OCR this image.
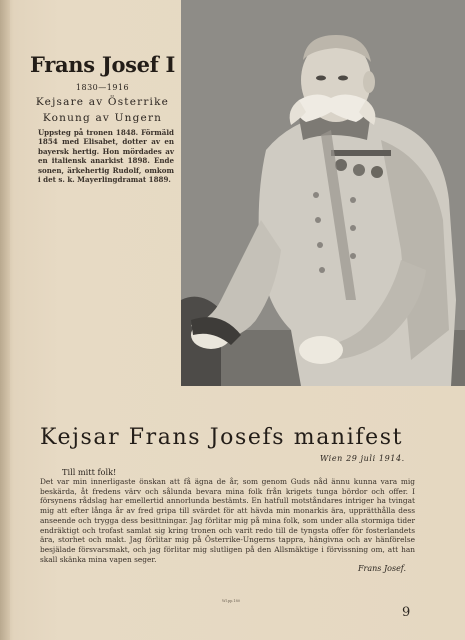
Frans Josef I
1830—1916
Kejsare av Österrike
Konung av Ungern
Uppsteg på tronen 1848. Förmäld 1854 med Elisabet, dotter av en bayersk hertig. Hon mördades av en italiensk anarkist 1898. Ende sonen, ärkehertig Rudolf, omkom i det s. k. Mayerlingdramat 1889.
Kejsar Frans Josefs manifest
Wien 29 juli 1914.
Till mitt folk!
Det var min innerligaste önskan att få ägna de år, som genom Guds nåd ännu kunna vara mig beskärda, åt fredens värv och sålunda bevara mina folk från krigets tunga bördor och offer. I försynens rådslag har emellertid annorlunda bestämts. En hatfull motståndares intriger ha tvingat mig att efter långa år av fred gripa till svärdet för att hävda min monarkis ära, upprätthålla dess anseende och trygga dess besittningar. Jag förlitar mig på mina folk, som under alla stormiga tider endräktigt och trofast samlat sig kring tronen och varit redo till de tyngsta offer för fosterlandets ära, storhet och makt. Jag förlitar mig på Österrike-Ungerns tappra, hängivna och av hänförelse besjälade försvarsmakt, och jag förlitar mig slutligen på den Allsmäktige i förvissning om, att han skall skänka mina vapen seger.
Frans Josef.
Wl.pp.180
9
